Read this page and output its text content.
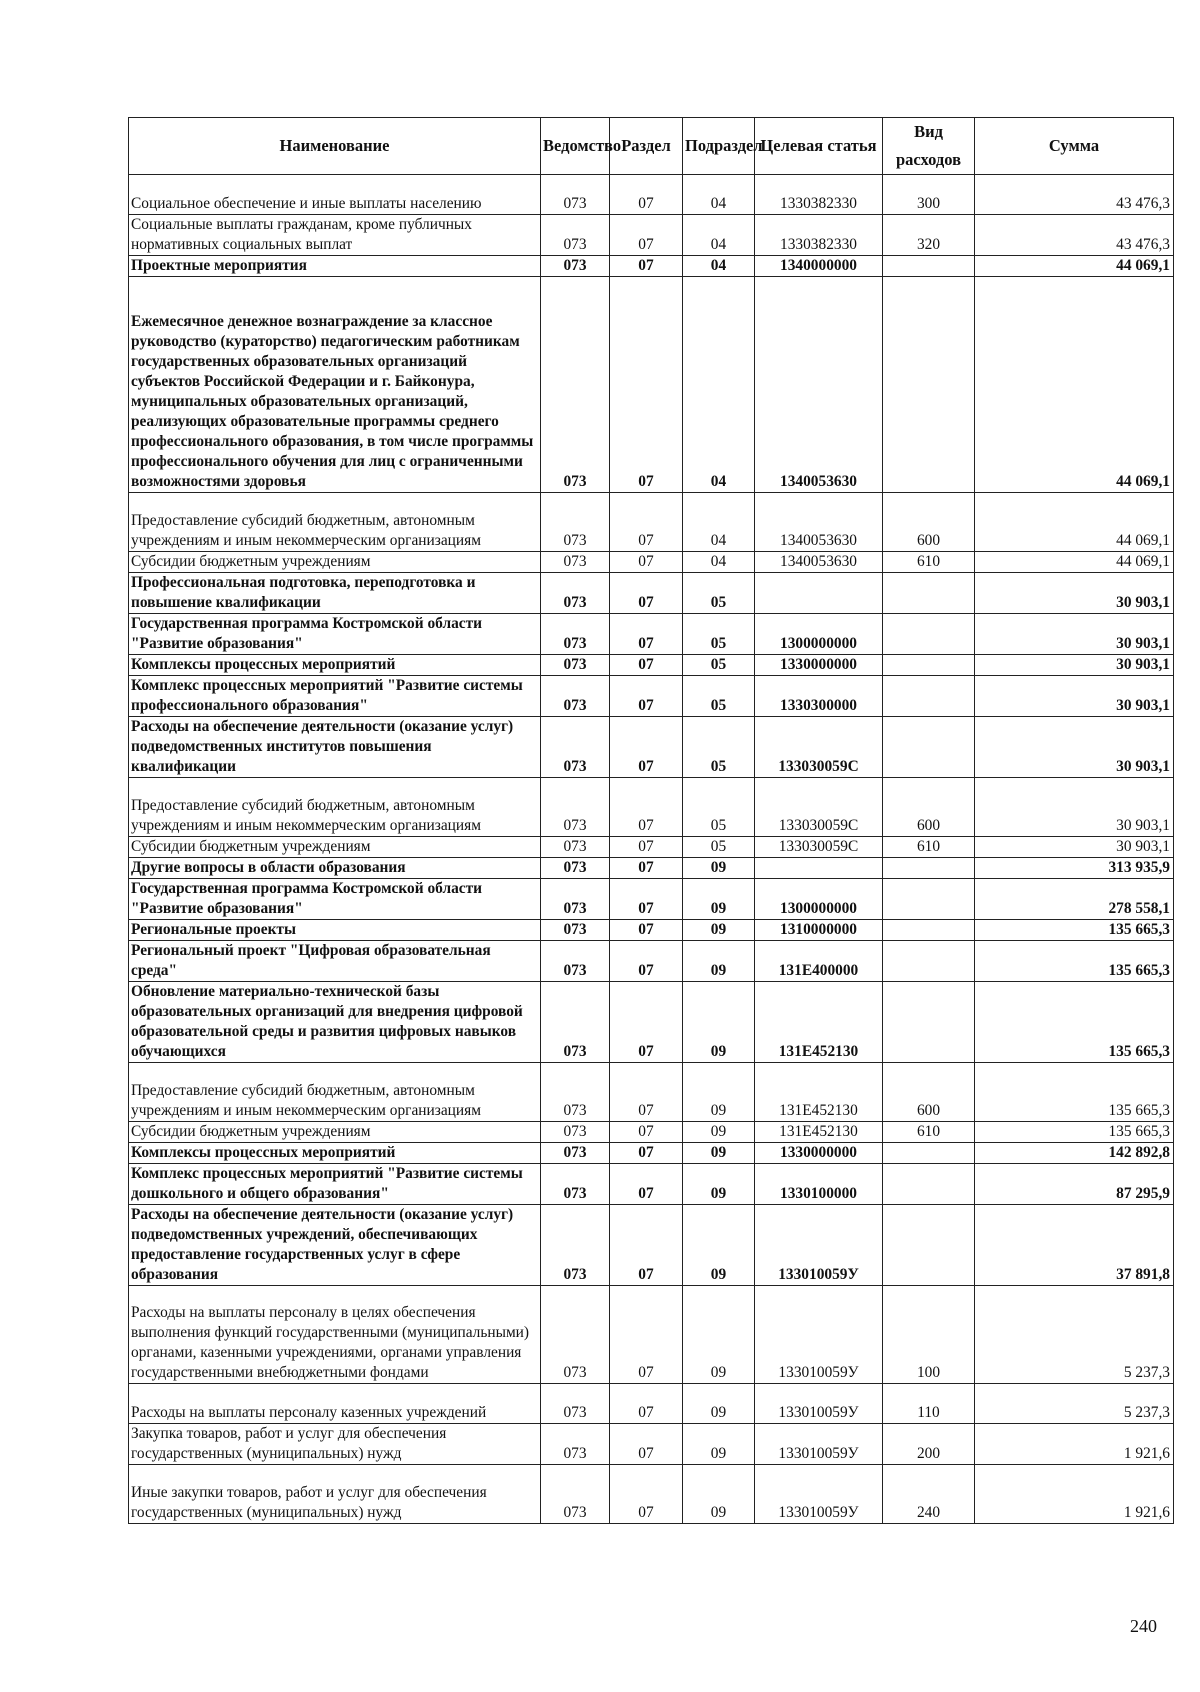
Наименование	Ведомство	Раздел	Подраздел	Целевая статья	Вид расходов	Сумма
Социальное обеспечение и иные выплаты населению	073	07	04	1330382330	300	43 476,3
Социальные выплаты гражданам, кроме публичных нормативных социальных выплат	073	07	04	1330382330	320	43 476,3
Проектные мероприятия	073	07	04	1340000000		44 069,1
Ежемесячное денежное вознаграждение за классное руководство (кураторство) педагогическим работникам государственных образовательных организаций субъектов Российской Федерации и г. Байконура, муниципальных образовательных организаций, реализующих образовательные программы среднего профессионального образования, в том числе программы профессионального обучения для лиц с ограниченными возможностями здоровья	073	07	04	1340053630		44 069,1
Предоставление субсидий бюджетным, автономным учреждениям и иным некоммерческим организациям	073	07	04	1340053630	600	44 069,1
Субсидии бюджетным учреждениям	073	07	04	1340053630	610	44 069,1
Профессиональная подготовка, переподготовка и повышение квалификации	073	07	05			30 903,1
Государственная программа Костромской области "Развитие образования"	073	07	05	1300000000		30 903,1
Комплексы процессных мероприятий	073	07	05	1330000000		30 903,1
Комплекс процессных мероприятий "Развитие системы профессионального образования"	073	07	05	1330300000		30 903,1
Расходы на обеспечение деятельности (оказание услуг) подведомственных институтов повышения квалификации	073	07	05	133030059С		30 903,1
Предоставление субсидий бюджетным, автономным учреждениям и иным некоммерческим организациям	073	07	05	133030059С	600	30 903,1
Субсидии бюджетным учреждениям	073	07	05	133030059С	610	30 903,1
Другие вопросы в области образования	073	07	09			313 935,9
Государственная программа Костромской области "Развитие образования"	073	07	09	1300000000		278 558,1
Региональные проекты	073	07	09	1310000000		135 665,3
Региональный проект "Цифровая образовательная среда"	073	07	09	131Е400000		135 665,3
Обновление материально-технической базы образовательных организаций для внедрения цифровой образовательной среды и развития цифровых навыков обучающихся	073	07	09	131Е452130		135 665,3
Предоставление субсидий бюджетным, автономным учреждениям и иным некоммерческим организациям	073	07	09	131Е452130	600	135 665,3
Субсидии бюджетным учреждениям	073	07	09	131Е452130	610	135 665,3
Комплексы процессных мероприятий	073	07	09	1330000000		142 892,8
Комплекс процессных мероприятий "Развитие системы дошкольного и общего образования"	073	07	09	1330100000		87 295,9
Расходы на обеспечение деятельности (оказание услуг) подведомственных учреждений, обеспечивающих предоставление государственных услуг в сфере образования	073	07	09	133010059У		37 891,8
Расходы на выплаты персоналу в целях обеспечения выполнения функций государственными (муниципальными) органами, казенными учреждениями, органами управления государственными внебюджетными фондами	073	07	09	133010059У	100	5 237,3
Расходы на выплаты персоналу казенных учреждений	073	07	09	133010059У	110	5 237,3
Закупка товаров, работ и услуг для обеспечения государственных (муниципальных) нужд	073	07	09	133010059У	200	1 921,6
Иные закупки товаров, работ и услуг для обеспечения государственных (муниципальных) нужд	073	07	09	133010059У	240	1 921,6
240
